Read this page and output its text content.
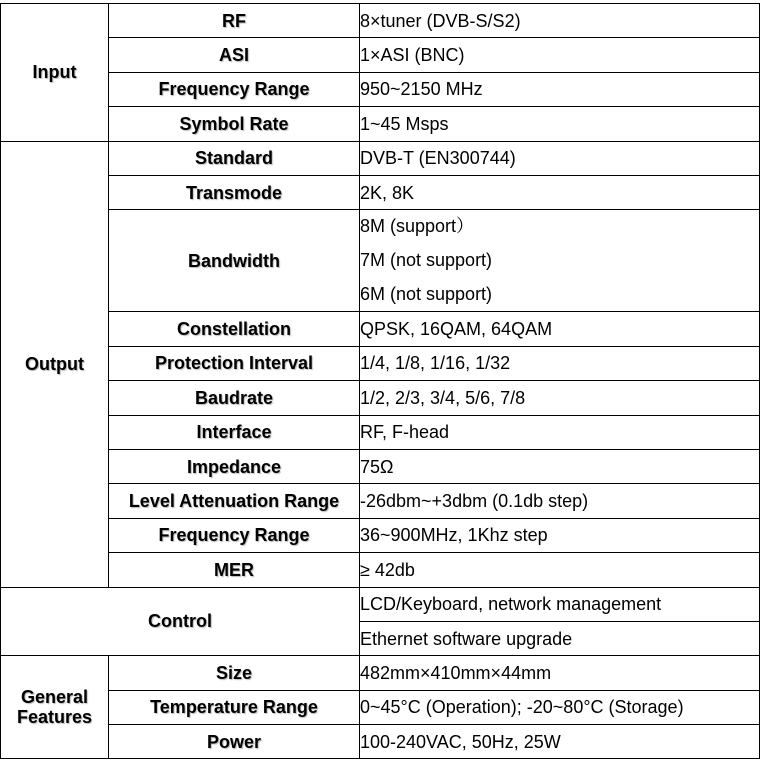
Input	RF	8×tuner (DVB-S/S2)
	ASI	1×ASI (BNC)
	Frequency Range	950~2150 MHz
	Symbol Rate	1~45 Msps
Output	Standard	DVB-T (EN300744)
	Transmode	2K, 8K
	Bandwidth	8M (support）
7M (not support)
6M (not support)

	Constellation	QPSK, 16QAM, 64QAM
	Protection Interval	1/4, 1/8, 1/16, 1/32
	Baudrate	1/2, 2/3, 3/4, 5/6, 7/8
	Interface	RF, F-head
	Impedance	75Ω
	Level Attenuation Range	-26dbm~+3dbm (0.1db step)
	Frequency Range	36~900MHz, 1Khz step
	MER	≥ 42db
Control		LCD/Keyboard, network management
		Ethernet software upgrade
General
Features	Size	482mm×410mm×44mm
	Temperature Range	0~45°C (Operation); -20~80°C (Storage)
	Power	100-240VAC, 50Hz, 25W
